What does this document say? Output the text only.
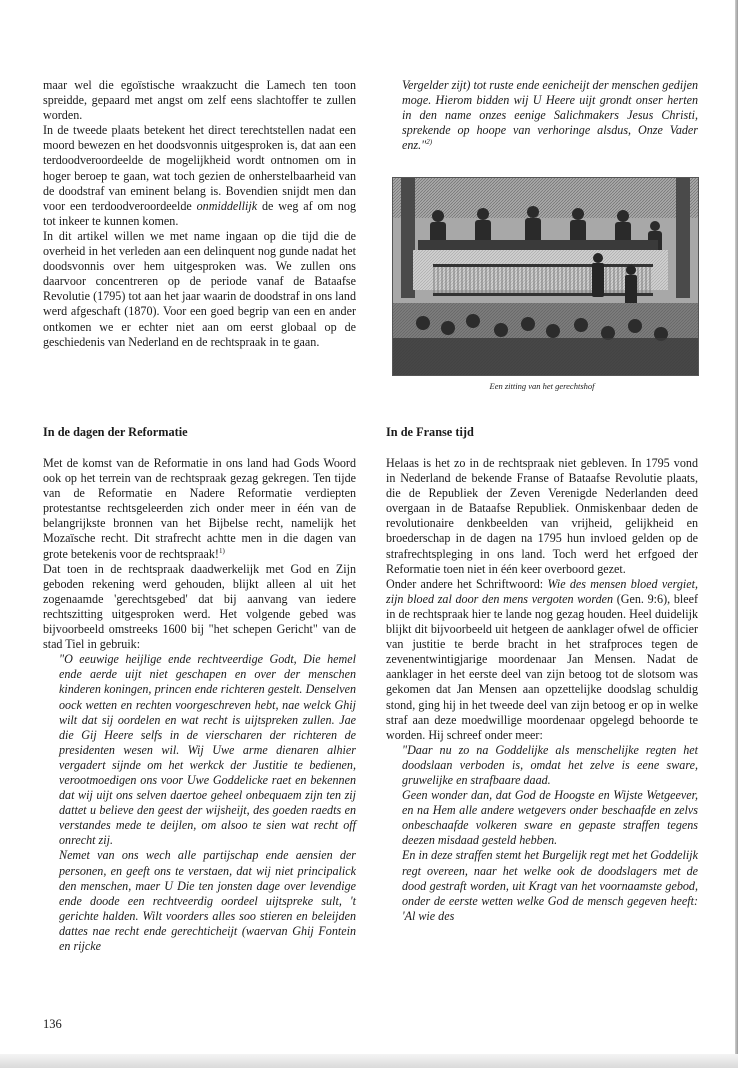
maar wel die egoïstische wraakzucht die Lamech ten toon spreidde, gepaard met angst om zelf eens slachtoffer te zullen worden.

In de tweede plaats betekent het direct terechtstellen nadat een moord bewezen en het doodsvonnis uitgesproken is, dat aan een terdoodveroordeelde de mogelijkheid wordt ontnomen om in hoger beroep te gaan, wat toch gezien de onherstelbaarheid van de doodstraf van eminent belang is. Bovendien snijdt men dan voor een terdoodveroordeelde onmiddellijk de weg af om nog tot inkeer te kunnen komen.

In dit artikel willen we met name ingaan op die tijd die de overheid in het verleden aan een delinquent nog gunde nadat het doodsvonnis over hem uitgesproken was. We zullen ons daarvoor concentreren op de periode vanaf de Bataafse Revolutie (1795) tot aan het jaar waarin de doodstraf in ons land werd afgeschaft (1870). Voor een goed begrip van een en ander ontkomen we er echter niet aan om eerst globaal op de geschiedenis van Nederland en de rechtspraak in te gaan.

Vergelder zijt) tot ruste ende eenicheijt der menschen gedijen moge. Hierom bidden wij U Heere uijt grondt onser herten in den name onzes eenige Salichmakers Jesus Christi, sprekende op hoope van verhoringe alsdus, Onze Vader enz."$^{2)}$

Een zitting van het gerechtshof
In de dagen der Reformatie	In de Franse tijd

Met de komst van de Reformatie in ons land had Gods Woord ook op het terrein van de rechtspraak gezag gekregen. Ten tijde van de Reformatie en Nadere Reformatie verdiepten protestantse rechtsgeleerden zich onder meer in één van de belangrijkste bronnen van het Bijbelse recht, namelijk het Mozaïsche recht. Dit strafrecht achtte men in die dagen van grote betekenis voor de rechtspraak!$^{1)}$

Dat toen in de rechtspraak daadwerkelijk met God en Zijn geboden rekening werd gehouden, blijkt alleen al uit het zogenaamde 'gerechtsgebed' dat bij aanvang van iedere rechtszitting uitgesproken werd. Het volgende gebed was bijvoorbeeld omstreeks 1600 bij "het schepen Gericht" van de stad Tiel in gebruik:

"O eeuwige heijlige ende rechtveerdige Godt, Die hemel ende aerde uijt niet geschapen en over der menschen kinderen koningen, princen ende richteren gestelt. Denselven oock wetten en rechten voorgeschreven hebt, nae welck Ghij wilt dat sij oordelen en wat recht is uijtspreken zullen. Jae die Gij Heere selfs in de vierscharen der richteren de presidenten wesen wil. Wij Uwe arme dienaren alhier vergadert sijnde om het werkck der Justitie te bedienen, verootmoedigen ons voor Uwe Goddelicke raet en bekennen dat wij uijt ons selven daertoe geheel onbequaem zijn ten zij dattet u believe den geest der wijsheijt, des goeden raedts en verstandes mede te deijlen, om alsoo te sien wat recht off onrecht zij.

Nemet van ons wech alle partijschap ende aensien der personen, en geeft ons te verstaen, dat wij niet principalick den menschen, maer U Die ten jonsten dage over levendige ende doode een rechtveerdig oordeel uijtspreke sult, 't gerichte halden. Wilt voorders alles soo stieren en beleijden dattes nae recht ende gerechticheijt (waervan Ghij Fontein en rijcke

Helaas is het zo in de rechtspraak niet gebleven. In 1795 vond in Nederland de bekende Franse of Bataafse Revolutie plaats, die de Republiek der Zeven Verenigde Nederlanden deed overgaan in de Bataafse Republiek. Onmiskenbaar deden de revolutionaire denkbeelden van vrijheid, gelijkheid en broederschap in de dagen na 1795 hun invloed gelden op de strafrechtspleging in ons land. Toch werd het erfgoed der Reformatie toen niet in één keer overboord gezet.

Onder andere het Schriftwoord: Wie des mensen bloed vergiet, zijn bloed zal door den mens vergoten worden (Gen. 9:6), bleef in de rechtspraak hier te lande nog gezag houden. Heel duidelijk blijkt dit bijvoorbeeld uit hetgeen de aanklager ofwel de officier van justitie te berde bracht in het strafproces tegen de zevenentwintigjarige moordenaar Jan Mensen. Nadat de aanklager in het eerste deel van zijn betoog tot de slotsom was gekomen dat Jan Mensen aan opzettelijke doodslag schuldig stond, ging hij in het tweede deel van zijn betoog er op in welke straf aan deze moedwillige moordenaar opgelegd behoorde te worden. Hij schreef onder meer:

"Daar nu zo na Goddelijke als menschelijke regten het doodslaan verboden is, omdat het zelve is eene sware, gruwelijke en strafbaare daad.

Geen wonder dan, dat God de Hoogste en Wijste Wetgeever, en na Hem alle andere wetgevers onder beschaafde en zelvs onbeschaafde volkeren sware en gepaste straffen tegens deezen misdaad gesteld hebben.

En in deze straffen stemt het Burgelijk regt met het Goddelijk regt overeen, naar het welke ook de doodslagers met de dood gestraft worden, uit Kragt van het voornaamste gebod, onder de eerste wetten welke God de mensch gegeven heeft: 'Al wie des

136
